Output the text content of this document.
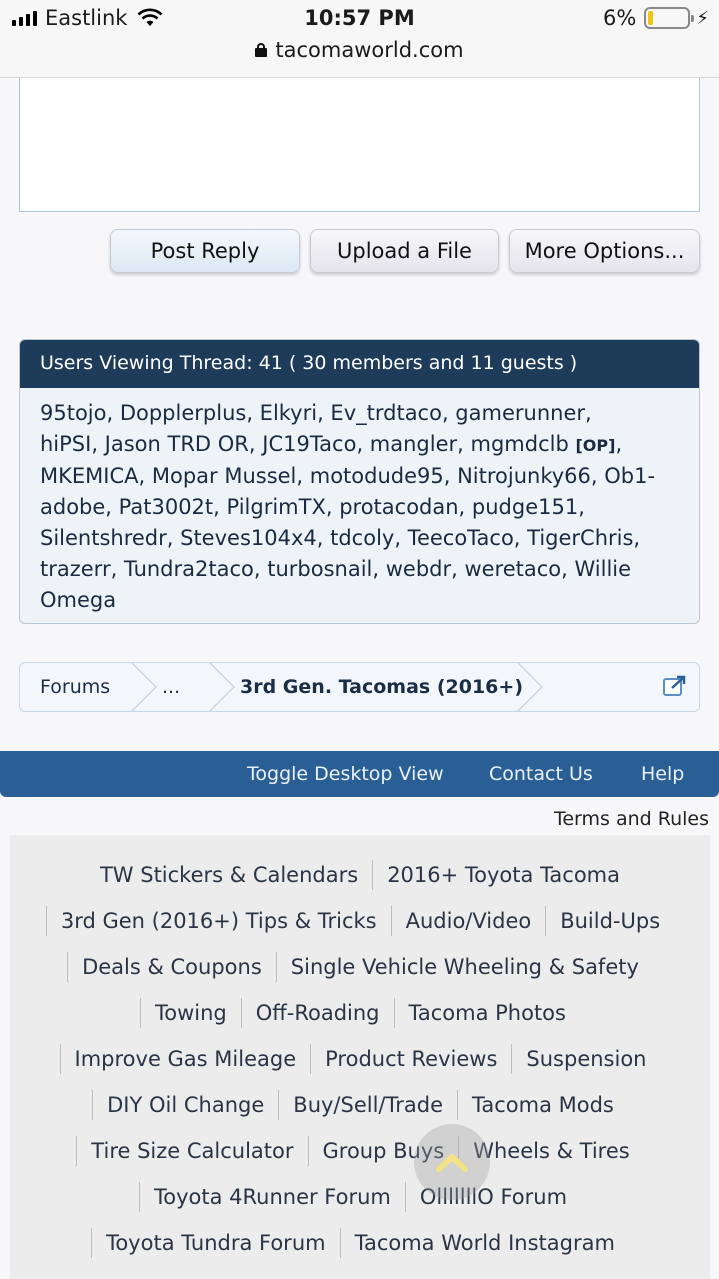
Eastlink	10:57 PM	6%	⚡
tacomaworld.com
Post Reply	Upload a File	More Options...
Users Viewing Thread: 41 ( 30 members and 11 guests )
95tojo, Dopplerplus, Elkyri, Ev_trdtaco, gamerunner,
hiPSI, Jason TRD OR, JC19Taco, mangler, mgmdclb [OP],
MKEMICA, Mopar Mussel, motodude95, Nitrojunky66, Ob1-
adobe, Pat3002t, PilgrimTX, protacodan, pudge151,
Silentshredr, Steves104x4, tdcoly, TeecoTaco, TigerChris,
trazerr, Tundra2taco, turbosnail, webdr, weretaco, Willie
Omega
Forums	...	3rd Gen. Tacomas (2016+)
Toggle Desktop View Contact Us	Help
Terms and Rules
TW Stickers & Calendars	2016+ Toyota Tacoma
3rd Gen (2016+) Tips & Tricks	Audio/Video	Build-Ups
Deals & Coupons	Single Vehicle Wheeling & Safety
Towing	Off-Roading	Tacoma Photos
Improve Gas Mileage	Product Reviews	Suspension
DIY Oil Change	Buy/Sell/Trade	Tacoma Mods
Tire Size Calculator	Group Buys	Wheels & Tires
Toyota 4Runner Forum	OlllllllO Forum
Toyota Tundra Forum	Tacoma World Instagram
